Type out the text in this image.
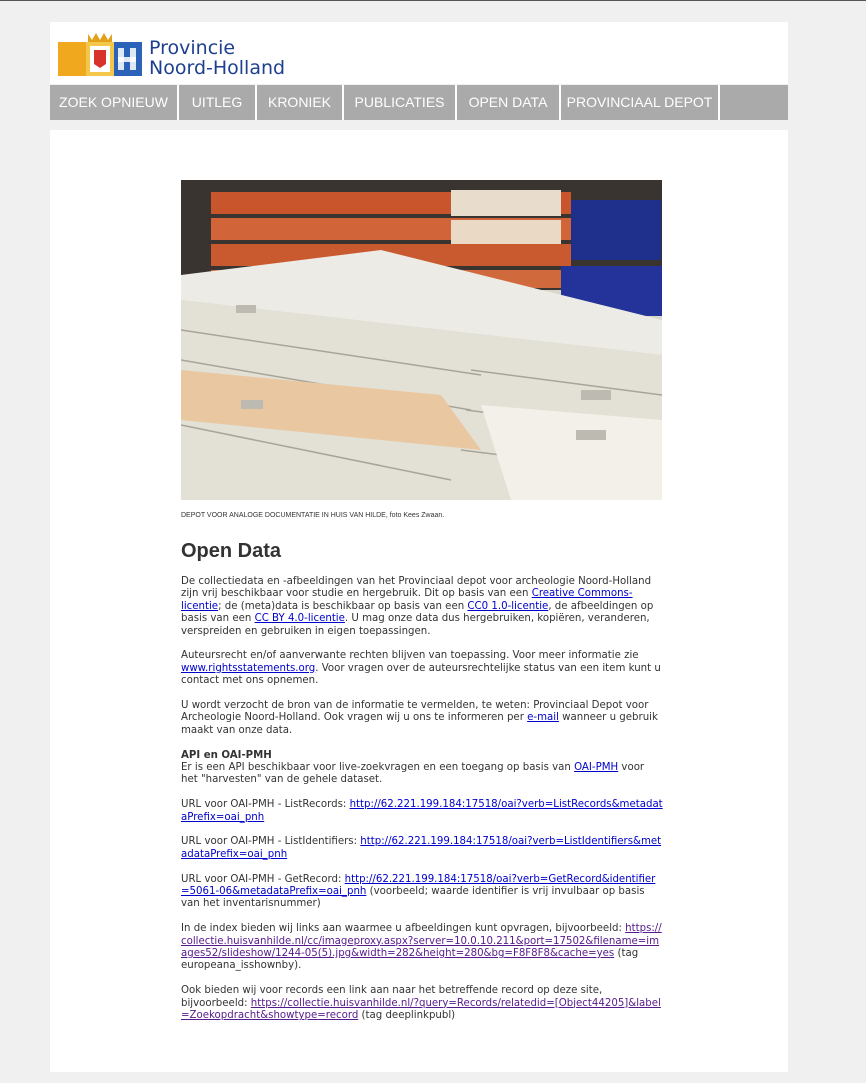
Provincie
Noord-Holland
ZOEK OPNIEUW	UITLEG	KRONIEK	PUBLICATIES	OPEN DATA	PROVINCIAAL DEPOT
DEPOT VOOR ANALOGE DOCUMENTATIE IN HUIS VAN HILDE, foto Kees Zwaan.
Open Data

De collectiedata en -afbeeldingen van het Provinciaal depot voor archeologie Noord-Holland zijn vrij beschikbaar voor studie en hergebruik. Dit op basis van een Creative Commons-licentie; de (meta)data is beschikbaar op basis van een CC0 1.0-licentie, de afbeeldingen op basis van een CC BY 4.0-licentie. U mag onze data dus hergebruiken, kopiëren, veranderen, verspreiden en gebruiken in eigen toepassingen.

Auteursrecht en/of aanverwante rechten blijven van toepassing. Voor meer informatie zie www.rightsstatements.org. Voor vragen over de auteursrechtelijke status van een item kunt u contact met ons opnemen.

U wordt verzocht de bron van de informatie te vermelden, te weten: Provinciaal Depot voor Archeologie Noord-Holland. Ook vragen wij u ons te informeren per e-mail wanneer u gebruik maakt van onze data.

API en OAI-PMH
Er is een API beschikbaar voor live-zoekvragen en een toegang op basis van OAI-PMH voor het "harvesten" van de gehele dataset.

URL voor OAI-PMH - ListRecords: http://62.221.199.184:17518/oai?verb=ListRecords&metadataPrefix=oai_pnh

URL voor OAI-PMH - ListIdentifiers: http://62.221.199.184:17518/oai?verb=ListIdentifiers&metadataPrefix=oai_pnh

URL voor OAI-PMH - GetRecord: http://62.221.199.184:17518/oai?verb=GetRecord&identifier=5061-06&metadataPrefix=oai_pnh (voorbeeld; waarde identifier is vrij invulbaar op basis van het inventarisnummer)

In de index bieden wij links aan waarmee u afbeeldingen kunt opvragen, bijvoorbeeld: https://collectie.huisvanhilde.nl/cc/imageproxy.aspx?server=10.0.10.211&port=17502&filename=images52/slideshow/1244-05(5).jpg&width=282&height=280&bg=F8F8F8&cache=yes (tag europeana_isshownby).

Ook bieden wij voor records een link aan naar het betreffende record op deze site, bijvoorbeeld: https://collectie.huisvanhilde.nl/?query=Records/relatedid=[Object44205]&label=Zoekopdracht&showtype=record (tag deeplinkpubl)
